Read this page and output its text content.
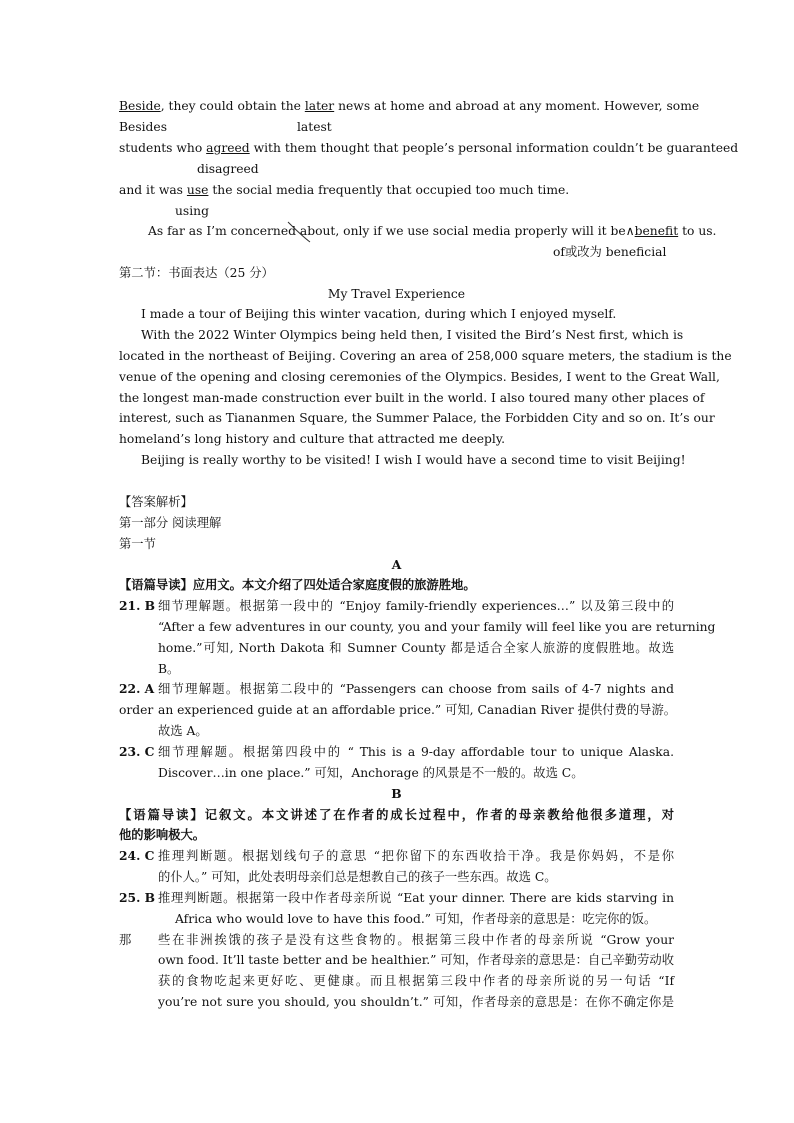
Beside, they could obtain the later news at home and abroad at any moment. However, some
Besides	latest
students who agreed with them thought that people’s personal information couldn’t be guaranteed
disagreed
and it was use the social media frequently that occupied too much time.
using
As far as I’m concerned about, only if we use social media properly will it be∧benefit to us.
of或改为 beneficial
第二节：书面表达（25 分）
My Travel Experience
I made a tour of Beijing this winter vacation, during which I enjoyed myself.
With the 2022 Winter Olympics being held then, I visited the Bird’s Nest first, which is
located in the northeast of Beijing. Covering an area of 258,000 square meters, the stadium is the
venue of the opening and closing ceremonies of the Olympics. Besides, I went to the Great Wall,
the longest man-made construction ever built in the world. I also toured many other places of
interest, such as Tiananmen Square, the Summer Palace, the Forbidden City and so on. It’s our
homeland’s long history and culture that attracted me deeply.
Beijing is really worthy to be visited! I wish I would have a second time to visit Beijing!
【答案解析】
第一部分 阅读理解
第一节
A
【语篇导读】应用文。本文介绍了四处适合家庭度假的旅游胜地。
21. B 细节理解题。根据第一段中的 “Enjoy family-friendly experiences…” 以及第三段中的
“After a few adventures in our county, you and your family will feel like you are returning
home.”可知, North Dakota 和 Sumner County 都是适合全家人旅游的度假胜地。故选
B。
22. A 细节理解题。根据第二段中的 “Passengers can choose from sails of 4-7 nights and
order an experienced guide at an affordable price.” 可知, Canadian River 提供付费的导游。
故选 A。
23. C 细节理解题。根据第四段中的 “ This is a 9-day affordable tour to unique Alaska.
Discover…in one place.” 可知，Anchorage 的风景是不一般的。故选 C。
B
【语篇导读】记叙文。本文讲述了在作者的成长过程中，作者的母亲教给他很多道理，对
他的影响极大。
24. C 推理判断题。根据划线句子的意思 “把你留下的东西收拾干净。我是你妈妈，不是你
的仆人。” 可知，此处表明母亲们总是想教自己的孩子一些东西。故选 C。
25. B 推理判断题。根据第一段中作者母亲所说 “Eat your dinner. There are kids starving in
Africa who would love to have this food.” 可知，作者母亲的意思是：吃完你的饭。
那 些在非洲挨饿的孩子是没有这些食物的。根据第三段中作者的母亲所说 “Grow your
own food. It’ll taste better and be healthier.” 可知，作者母亲的意思是：自己辛勤劳动收
获的食物吃起来更好吃、更健康。而且根据第三段中作者的母亲所说的另一句话 “If
you’re not sure you should, you shouldn’t.” 可知，作者母亲的意思是：在你不确定你是
